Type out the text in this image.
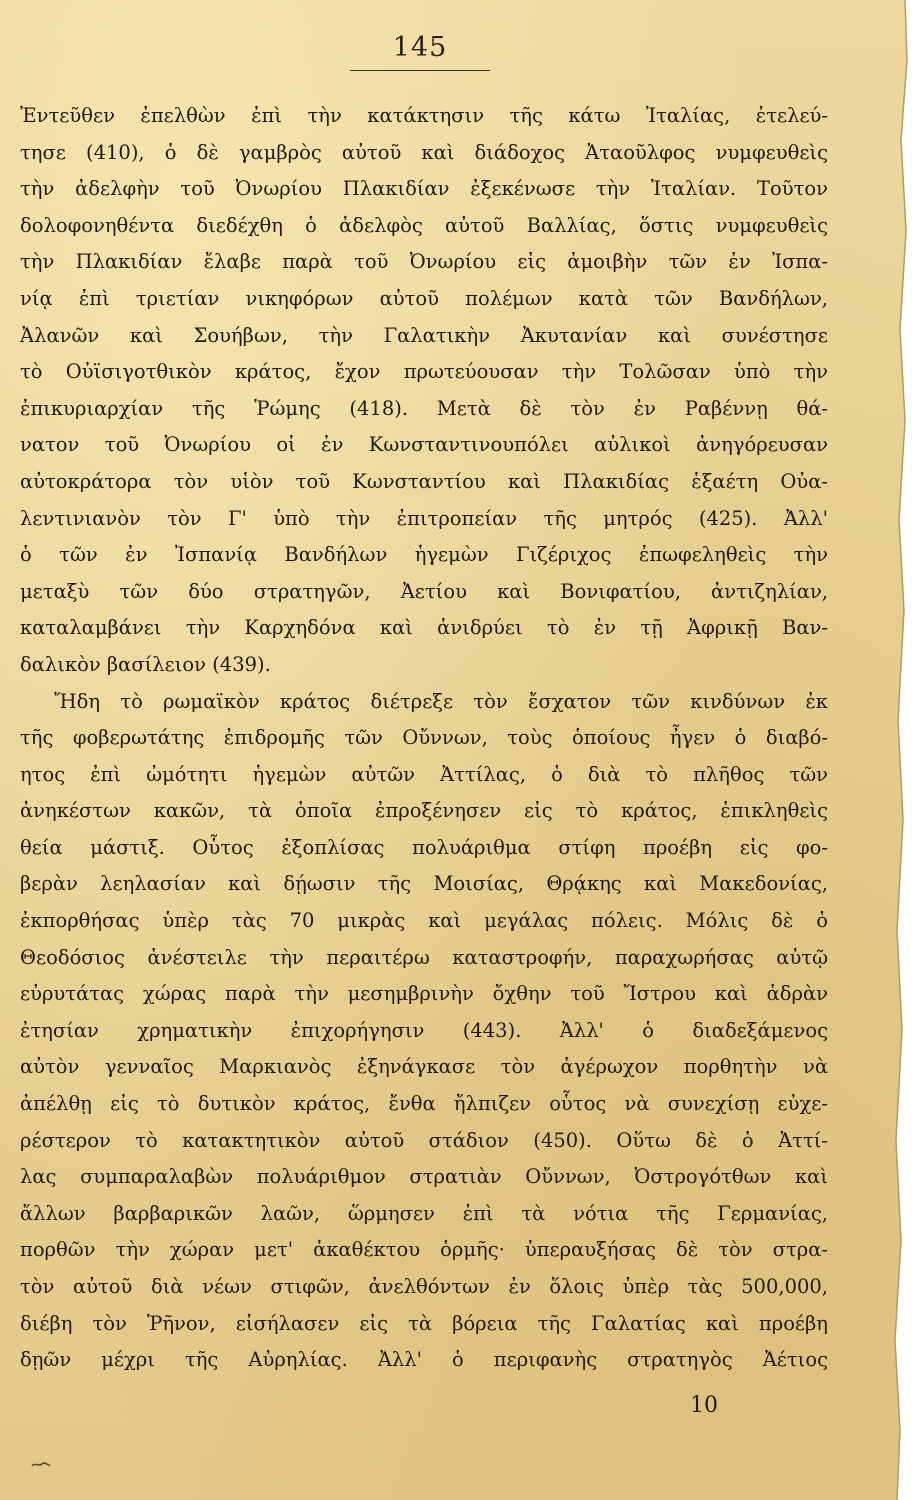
145
Ἐντεῦθεν ἐπελθὼν ἐπὶ τὴν κατάκτησιν τῆς κάτω Ἰταλίας, ἐτελεύ-
τησε (410), ὁ δὲ γαμβρὸς αὐτοῦ καὶ διάδοχος Ἀταοῦλφος νυμφευθεὶς
τὴν ἀδελφὴν τοῦ Ὀνωρίου Πλακιδίαν ἐξεκένωσε τὴν Ἰταλίαν. Τοῦτον
δολοφονηθέντα διεδέχθη ὁ ἀδελφὸς αὐτοῦ Βαλλίας, ὅστις νυμφευθεὶς
τὴν Πλακιδίαν ἔλαβε παρὰ τοῦ Ὀνωρίου εἰς ἀμοιβὴν τῶν ἐν Ἰσπα-
νίᾳ ἐπὶ τριετίαν νικηφόρων αὐτοῦ πολέμων κατὰ τῶν Βανδήλων,
Ἀλανῶν καὶ Σουήβων, τὴν Γαλατικὴν Ἀκυτανίαν καὶ συνέστησε
τὸ Οὐϊσιγοτθικὸν κράτος, ἔχον πρωτεύουσαν τὴν Τολῶσαν ὑπὸ τὴν
ἐπικυριαρχίαν τῆς Ῥώμης (418). Μετὰ δὲ τὸν ἐν Ραβέννῃ θά-
νατον τοῦ Ὀνωρίου οἱ ἐν Κωνσταντινουπόλει αὐλικοὶ ἀνηγόρευσαν
αὐτοκράτορα τὸν υἱὸν τοῦ Κωνσταντίου καὶ Πλακιδίας ἑξαέτη Οὐα-
λεντινιανὸν τὸν Γ' ὑπὸ τὴν ἐπιτροπείαν τῆς μητρός (425). Ἀλλ'
ὁ τῶν ἐν Ἰσπανίᾳ Βανδήλων ἡγεμὼν Γιζέριχος ἐπωφεληθεὶς τὴν
μεταξὺ τῶν δύο στρατηγῶν, Ἀετίου καὶ Βονιφατίου, ἀντιζηλίαν,
καταλαμβάνει τὴν Καρχηδόνα καὶ ἀνιδρύει τὸ ἐν τῇ Ἀφρικῇ Βαν-
δαλικὸν βασίλειον (439).
Ἤδη τὸ ρωμαϊκὸν κράτος διέτρεξε τὸν ἔσχατον τῶν κινδύνων ἐκ
τῆς φοβερωτάτης ἐπιδρομῆς τῶν Οὔννων, τοὺς ὁποίους ἦγεν ὁ διαβό-
ητος ἐπὶ ὠμότητι ἡγεμὼν αὐτῶν Ἀττίλας, ὁ διὰ τὸ πλῆθος τῶν
ἀνηκέστων κακῶν, τὰ ὁποῖα ἐπροξένησεν εἰς τὸ κράτος, ἐπικληθεὶς
θεία μάστιξ. Οὗτος ἐξοπλίσας πολυάριθμα στίφη προέβη εἰς φο-
βερὰν λεηλασίαν καὶ δῄωσιν τῆς Μοισίας, Θρᾴκης καὶ Μακεδονίας,
ἐκπορθήσας ὑπὲρ τὰς 70 μικρὰς καὶ μεγάλας πόλεις. Μόλις δὲ ὁ
Θεοδόσιος ἀνέστειλε τὴν περαιτέρω καταστροφήν, παραχωρήσας αὐτῷ
εὐρυτάτας χώρας παρὰ τὴν μεσημβρινὴν ὄχθην τοῦ Ἴστρου καὶ ἁδρὰν
ἐτησίαν χρηματικὴν ἐπιχορήγησιν (443). Ἀλλ' ὁ διαδεξάμενος
αὐτὸν γενναῖος Μαρκιανὸς ἐξηνάγκασε τὸν ἀγέρωχον πορθητὴν νὰ
ἀπέλθῃ εἰς τὸ δυτικὸν κράτος, ἔνθα ἤλπιζεν οὗτος νὰ συνεχίσῃ εὐχε-
ρέστερον τὸ κατακτητικὸν αὐτοῦ στάδιον (450). Οὕτω δὲ ὁ Ἀττί-
λας συμπαραλαβὼν πολυάριθμον στρατιὰν Οὔννων, Ὀστρογότθων καὶ
ἄλλων βαρβαρικῶν λαῶν, ὥρμησεν ἐπὶ τὰ νότια τῆς Γερμανίας,
πορθῶν τὴν χώραν μετ' ἀκαθέκτου ὁρμῆς· ὑπεραυξήσας δὲ τὸν στρα-
τὸν αὐτοῦ διὰ νέων στιφῶν, ἀνελθόντων ἐν ὅλοις ὑπὲρ τὰς 500,000,
διέβη τὸν Ῥῆνον, εἰσήλασεν εἰς τὰ βόρεια τῆς Γαλατίας καὶ προέβη
δῃῶν μέχρι τῆς Αὐρηλίας. Ἀλλ' ὁ περιφανὴς στρατηγὸς Ἀέτιος
10
